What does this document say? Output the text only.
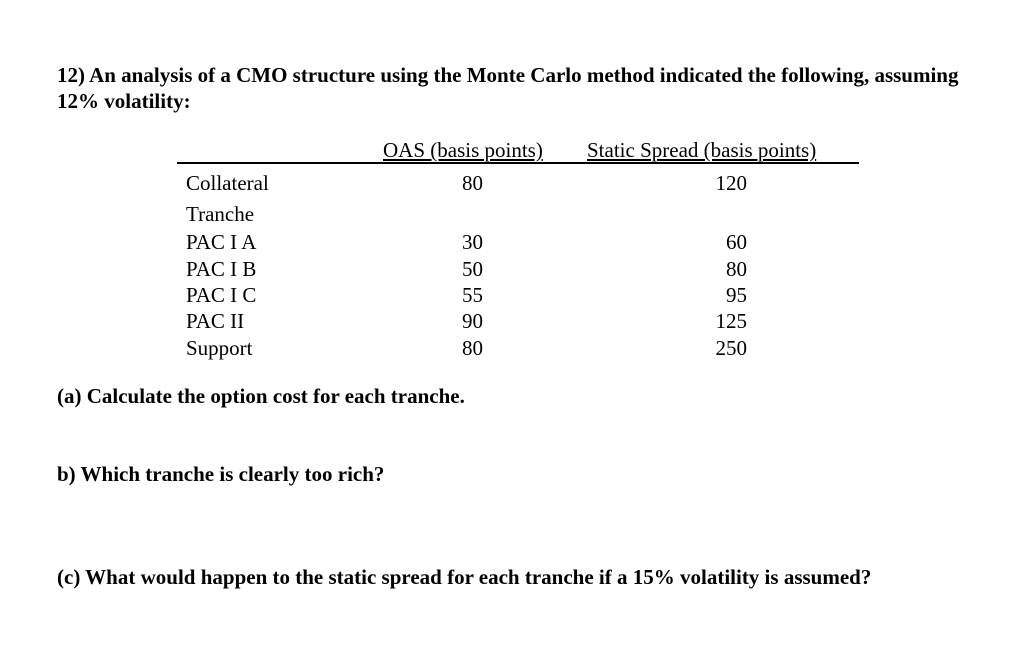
12) An analysis of a CMO structure using the Monte Carlo method indicated the following, assuming 12% volatility:

OAS (basis points) Static Spread (basis points)
Collateral	80	120
Tranche
PAC I A	30	60
PAC I B	50	80
PAC I C	55	95
PAC II	90	125
Support	80	250

(a) Calculate the option cost for each tranche.

b) Which tranche is clearly too rich?

(c) What would happen to the static spread for each tranche if a 15% volatility is assumed?
